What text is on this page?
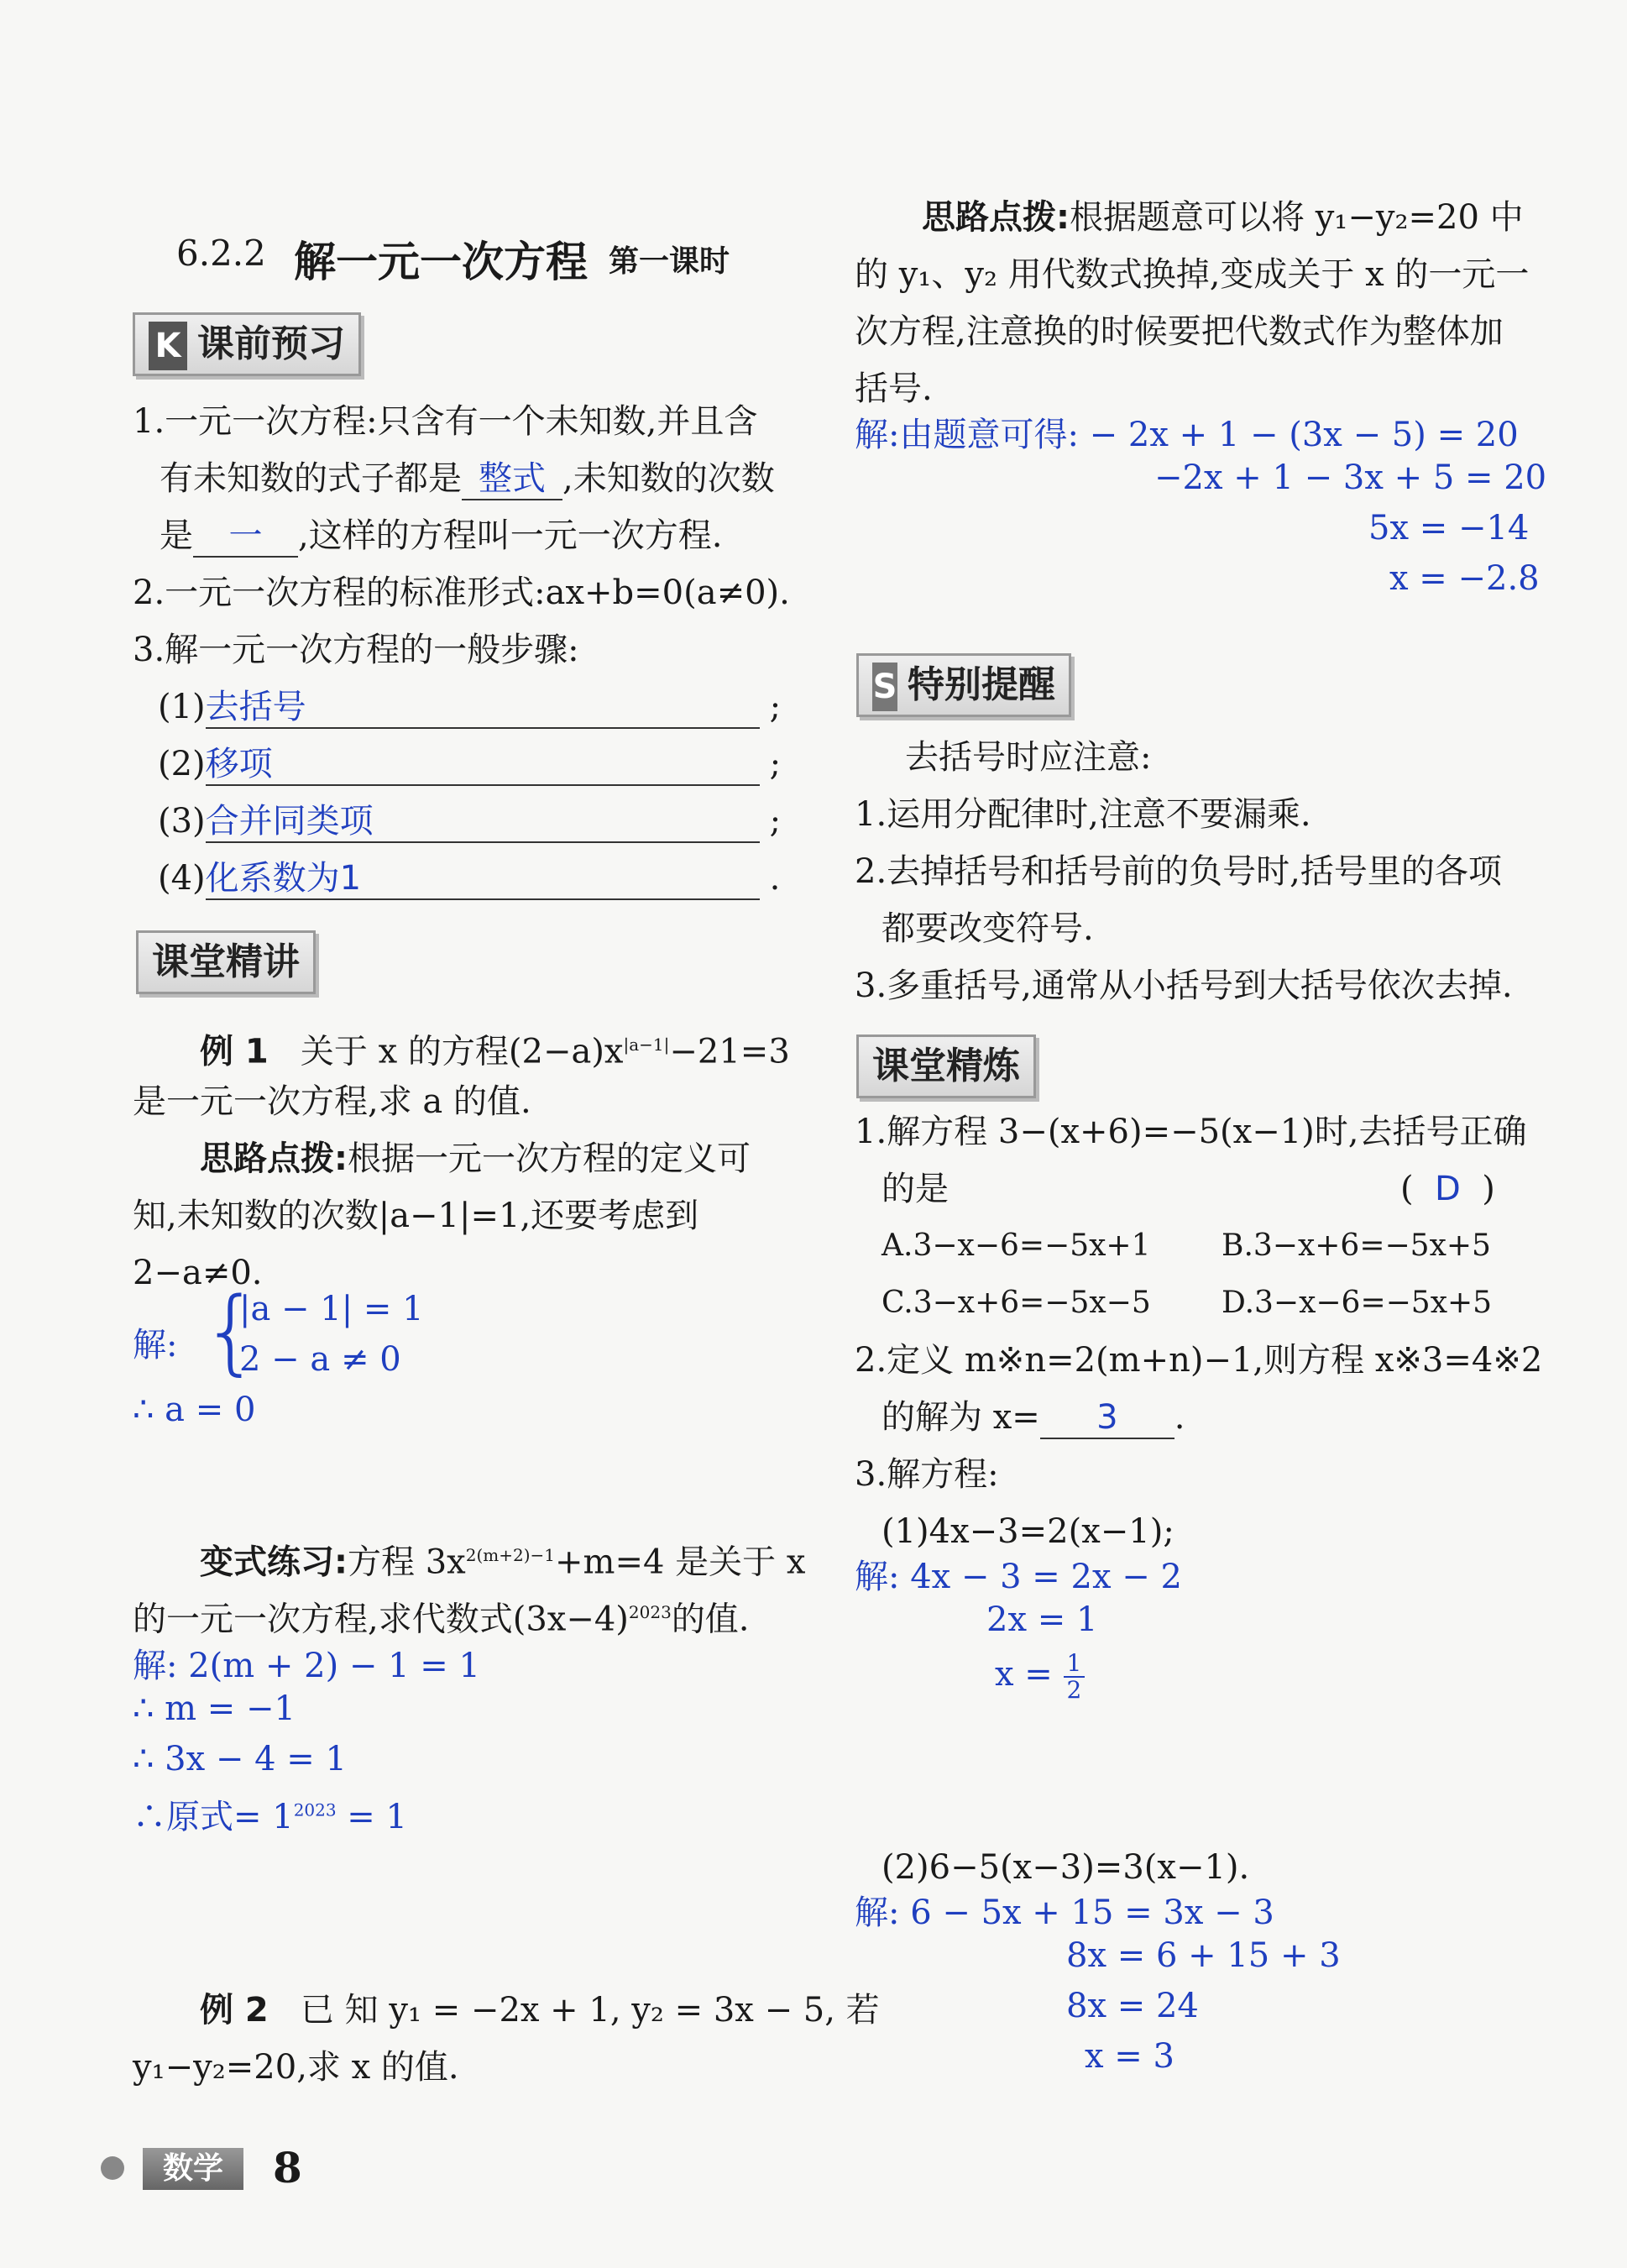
6.2.2 解一元一次方程 第一课时
K 课前预习
1.一元一次方程:只含有一个未知数,并且含
有未知数的式子都是 整式 ,未知数的次数
是 一 ,这样的方程叫一元一次方程.
2.一元一次方程的标准形式:ax+b=0(a≠0).
3.解一元一次方程的一般步骤:
(1)去括号	;
(2)移项	;
(3)合并同类项	;
(4)化系数为1	.
课堂精讲
例 1 关于 x 的方程$(2-a)x^{|a-1|}-21=3$
是一元一次方程,求 a 的值.
思路点拨:根据一元一次方程的定义可
知,未知数的次数|a−1|=1,还要考虑到
2−a≠0.
解: {
|a − 1| = 1
2 − a ≠ 0
∴ a = 0
变式练习:方程 $3x^{2(m+2)-1}+m=4$ 是关于 x
的一元一次方程,求代数式$(3x-4)^{2023}$的值.
解: 2(m + 2) − 1 = 1
∴ m = −1
∴ 3x − 4 = 1
∴原式= $1^{2023} = 1$
例 2 已 知 y₁ = −2x + 1, y₂ = 3x − 5, 若
y₁−y₂=20,求 x 的值.
思路点拨:根据题意可以将 y₁−y₂=20 中
的 y₁、y₂ 用代数式换掉,变成关于 x 的一元一
次方程,注意换的时候要把代数式作为整体加
括号.
解:由题意可得: − 2x + 1 − (3x − 5) = 20
−2x + 1 − 3x + 5 = 20
5x = −14
x = −2.8
S 特别提醒
去括号时应注意:
1.运用分配律时,注意不要漏乘.
2.去掉括号和括号前的负号时,括号里的各项
都要改变符号.
3.多重括号,通常从小括号到大括号依次去掉.
课堂精炼
1.解方程 3−(x+6)=−5(x−1)时,去括号正确
的是	( D )
A.3−x−6=−5x+1 B.3−x+6=−5x+5
C.3−x+6=−5x−5 D.3−x−6=−5x+5
2.定义 m※n=2(m+n)−1,则方程 x※3=4※2
的解为 x= 3 .
3.解方程:
(1)4x−3=2(x−1);
解: 4x − 3 = 2x − 2
2x = 1
$x = \frac{1}{2}$
(2)6−5(x−3)=3(x−1).
解: 6 − 5x + 15 = 3x − 3
8x = 6 + 15 + 3
8x = 24
x = 3
数学	8
